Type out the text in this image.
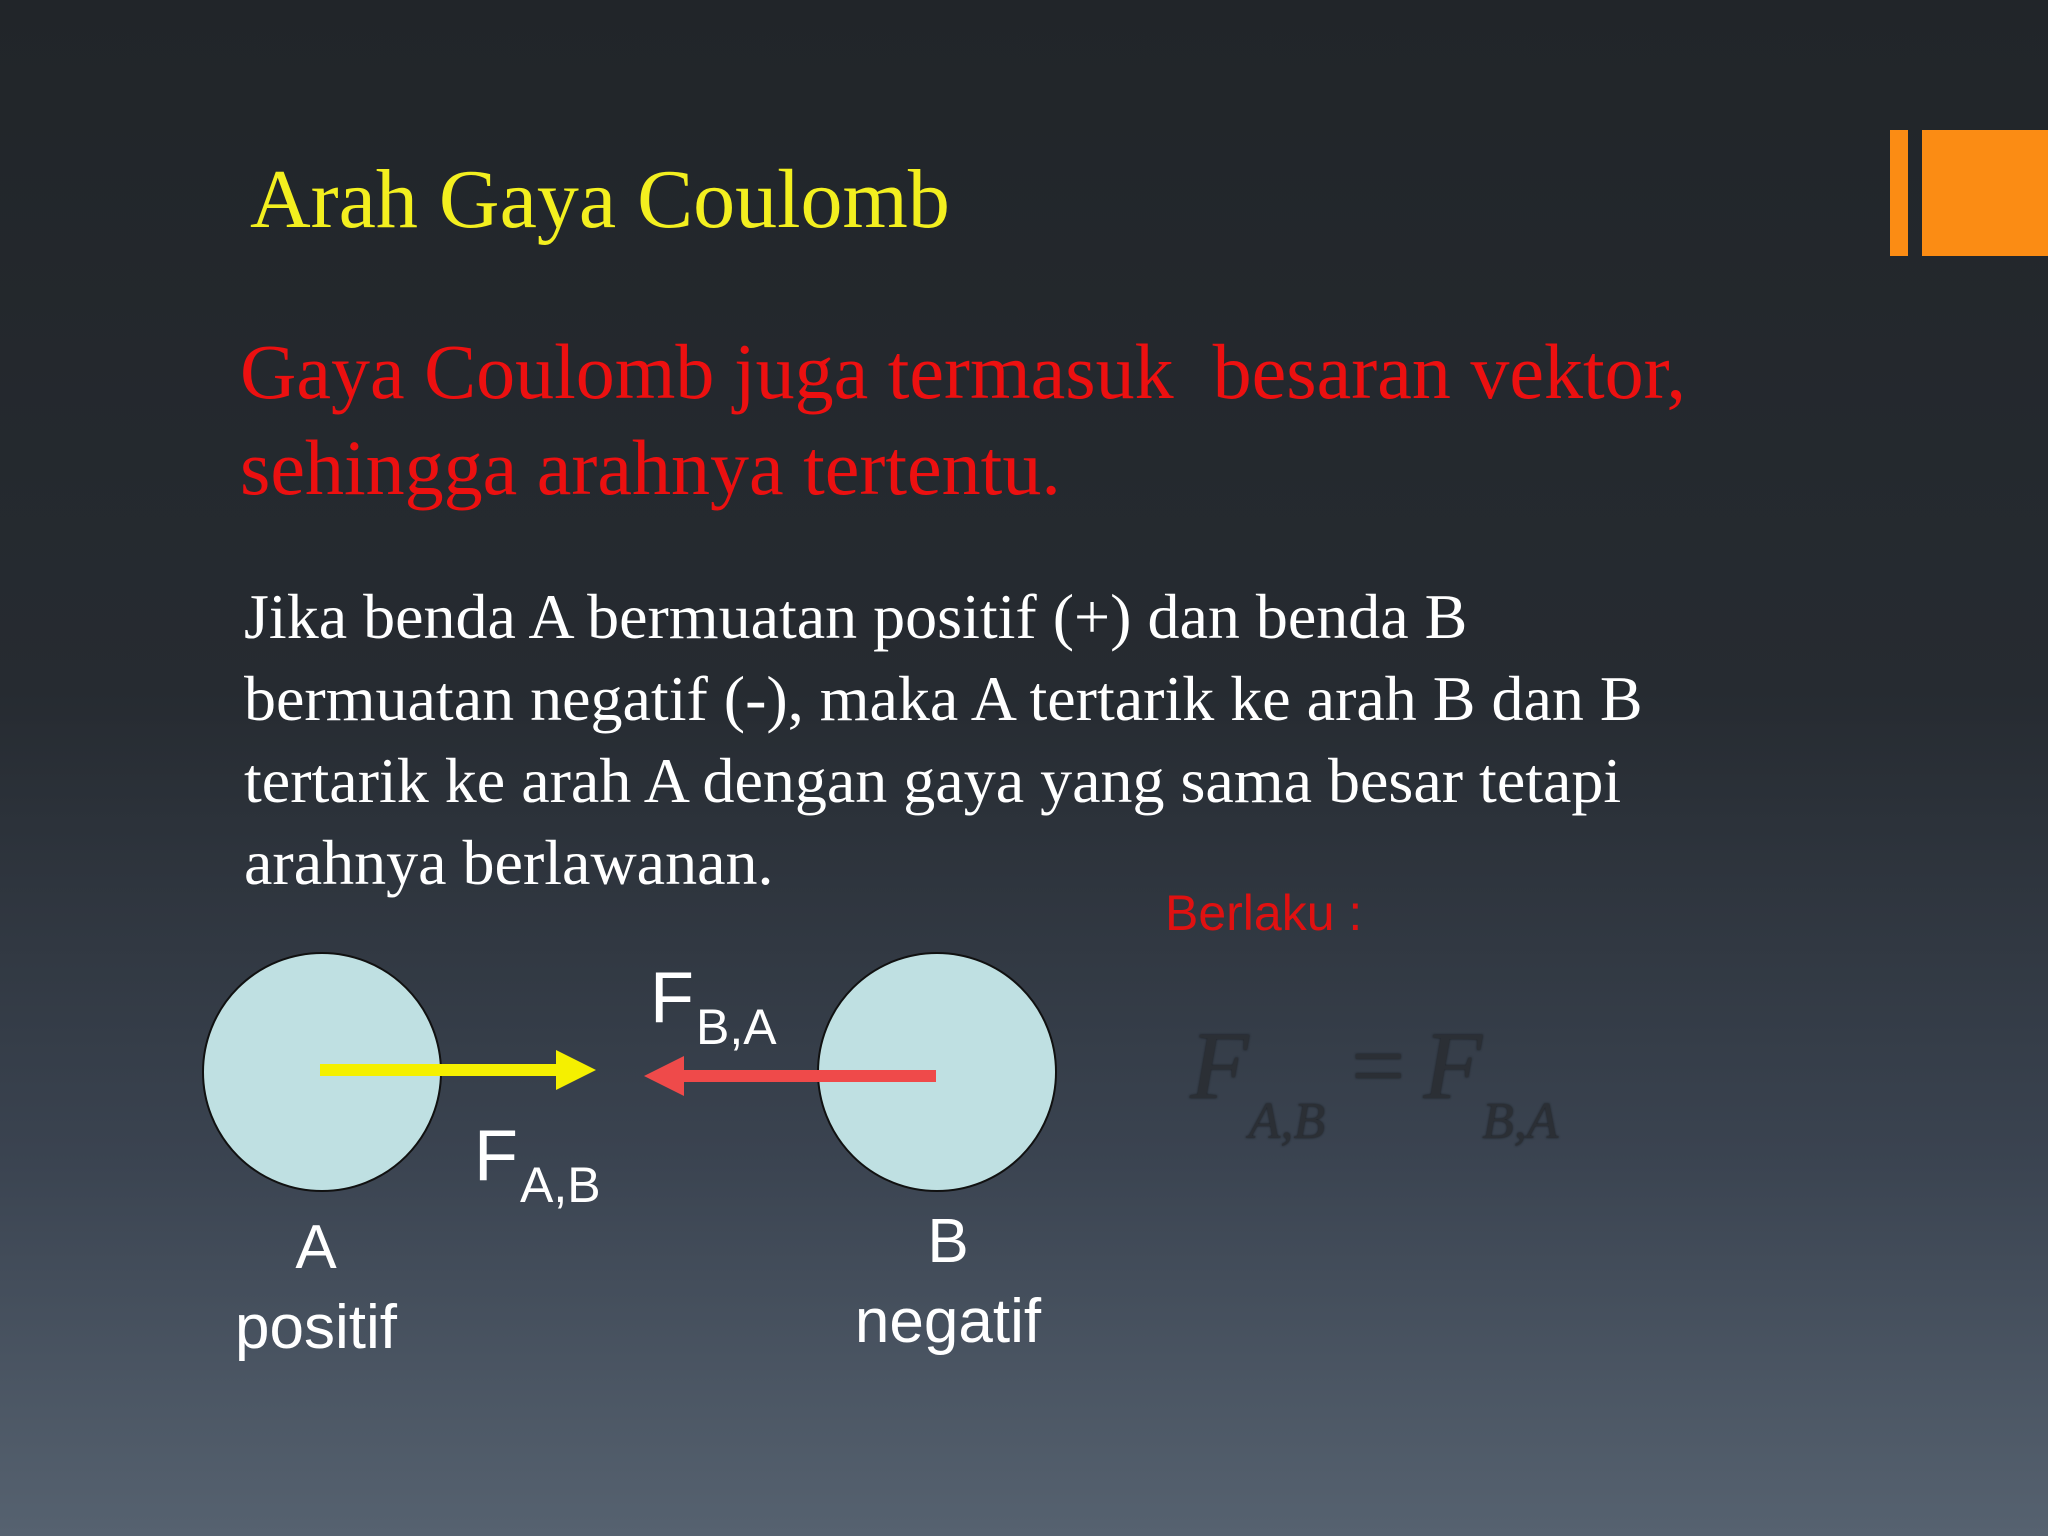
Arah Gaya Coulomb
Gaya Coulomb juga termasuk  besaran vektor,
sehingga arahnya tertentu.
Jika benda A bermuatan positif (+) dan benda B
bermuatan negatif (-), maka A tertarik ke arah B dan B
tertarik ke arah A dengan gaya yang sama besar tetapi
arahnya berlawanan.
Berlaku :
$F_{B,A}$
$F_{A,B}$
A
positif
B
negatif
$F_{A,B}= F_{B,A}$
